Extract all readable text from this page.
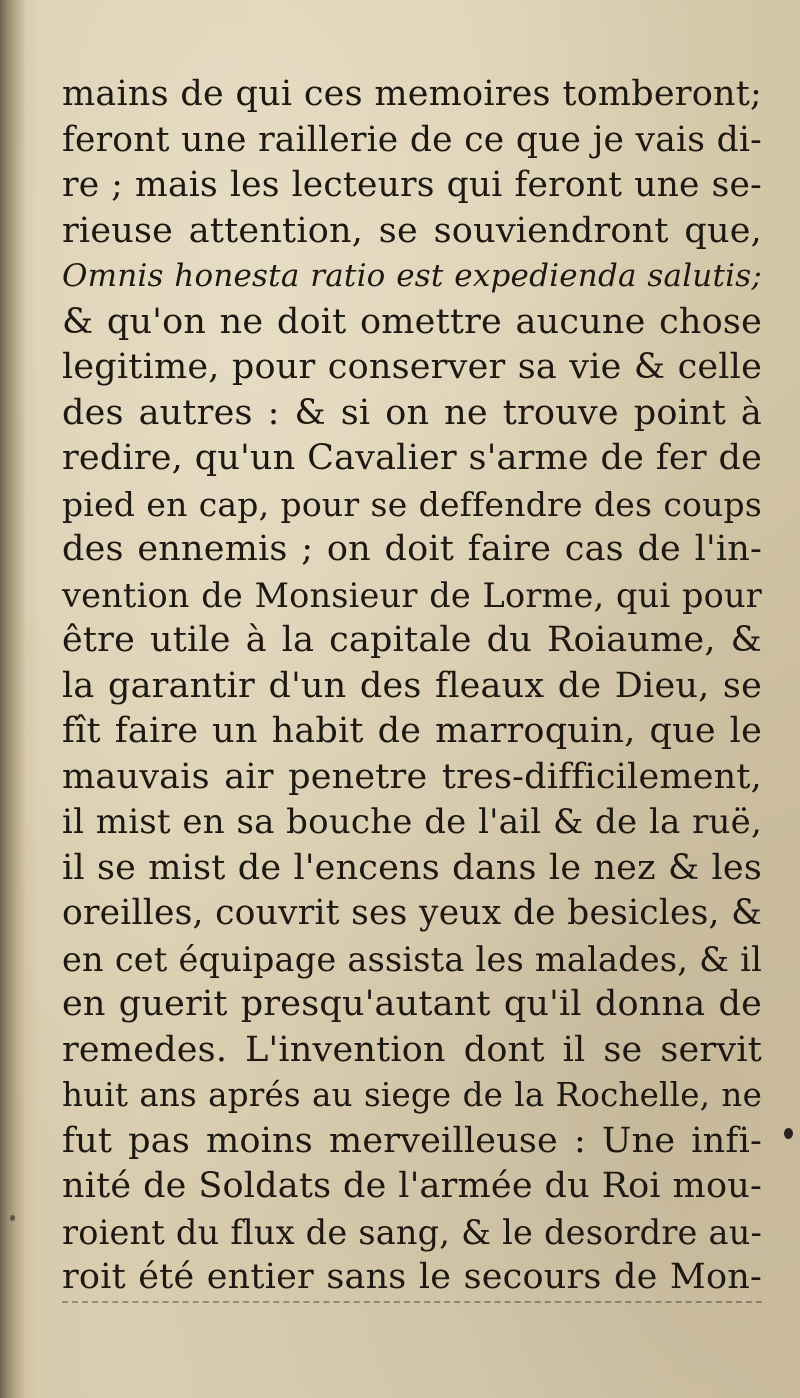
mains de qui ces memoires tomberont;
feront une raillerie de ce que je vais di-
re ; mais les lecteurs qui feront une se-
rieuse attention, se souviendront que,
Omnis honesta ratio est expedienda salutis;
& qu'on ne doit omettre aucune chose
legitime, pour conserver sa vie & celle
des autres : & si on ne trouve point à
redire, qu'un Cavalier s'arme de fer de
pied en cap, pour se deffendre des coups
des ennemis ; on doit faire cas de l'in-
vention de Monsieur de Lorme, qui pour
être utile à la capitale du Roiaume, &
la garantir d'un des fleaux de Dieu, se
fît faire un habit de marroquin, que le
mauvais air penetre tres-difficilement,
il mist en sa bouche de l'ail & de la ruë,
il se mist de l'encens dans le nez & les
oreilles, couvrit ses yeux de besicles, &
en cet équipage assista les malades, & il
en guerit presqu'autant qu'il donna de
remedes. L'invention dont il se servit
huit ans aprés au siege de la Rochelle, ne
fut pas moins merveilleuse : Une infi-
nité de Soldats de l'armée du Roi mou-
roient du flux de sang, & le desordre au-
roit été entier sans le secours de Mon-
